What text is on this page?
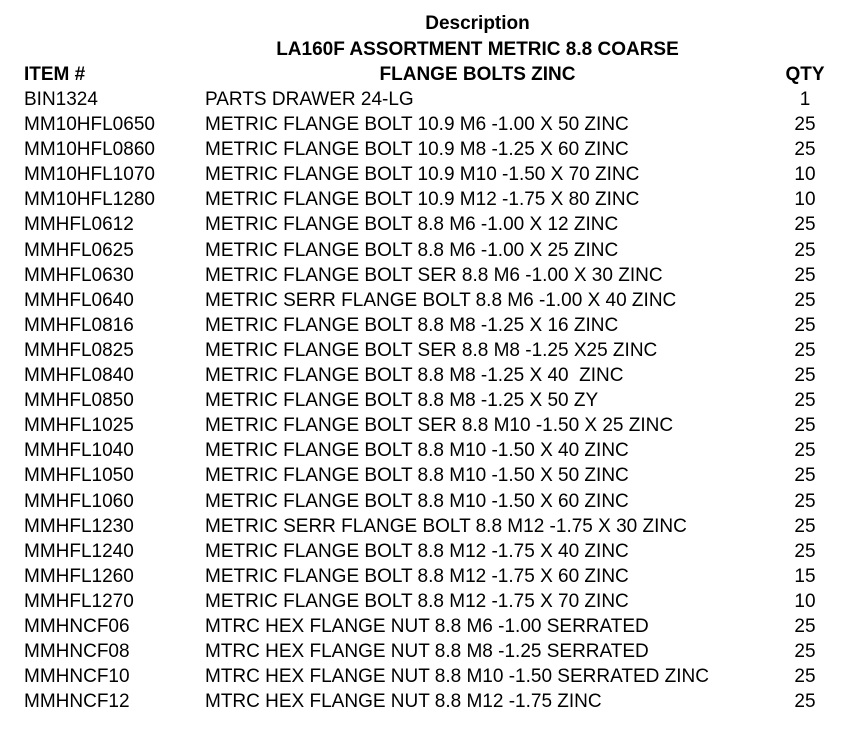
Description
LA160F ASSORTMENT METRIC 8.8 COARSE
FLANGE BOLTS ZINC
ITEM #	QTY
BIN1324	PARTS DRAWER 24-LG	1
MM10HFL0650	METRIC FLANGE BOLT 10.9 M6 -1.00 X 50 ZINC	25
MM10HFL0860	METRIC FLANGE BOLT 10.9 M8 -1.25 X 60 ZINC	25
MM10HFL1070	METRIC FLANGE BOLT 10.9 M10 -1.50 X 70 ZINC	10
MM10HFL1280	METRIC FLANGE BOLT 10.9 M12 -1.75 X 80 ZINC	10
MMHFL0612	METRIC FLANGE BOLT 8.8 M6 -1.00 X 12 ZINC	25
MMHFL0625	METRIC FLANGE BOLT 8.8 M6 -1.00 X 25 ZINC	25
MMHFL0630	METRIC FLANGE BOLT SER 8.8 M6 -1.00 X 30 ZINC	25
MMHFL0640	METRIC SERR FLANGE BOLT 8.8 M6 -1.00 X 40 ZINC	25
MMHFL0816	METRIC FLANGE BOLT 8.8 M8 -1.25 X 16 ZINC	25
MMHFL0825	METRIC FLANGE BOLT SER 8.8 M8 -1.25 X25 ZINC	25
MMHFL0840	METRIC FLANGE BOLT 8.8 M8 -1.25 X 40  ZINC	25
MMHFL0850	METRIC FLANGE BOLT 8.8 M8 -1.25 X 50 ZY	25
MMHFL1025	METRIC FLANGE BOLT SER 8.8 M10 -1.50 X 25 ZINC	25
MMHFL1040	METRIC FLANGE BOLT 8.8 M10 -1.50 X 40 ZINC	25
MMHFL1050	METRIC FLANGE BOLT 8.8 M10 -1.50 X 50 ZINC	25
MMHFL1060	METRIC FLANGE BOLT 8.8 M10 -1.50 X 60 ZINC	25
MMHFL1230	METRIC SERR FLANGE BOLT 8.8 M12 -1.75 X 30 ZINC	25
MMHFL1240	METRIC FLANGE BOLT 8.8 M12 -1.75 X 40 ZINC	25
MMHFL1260	METRIC FLANGE BOLT 8.8 M12 -1.75 X 60 ZINC	15
MMHFL1270	METRIC FLANGE BOLT 8.8 M12 -1.75 X 70 ZINC	10
MMHNCF06	MTRC HEX FLANGE NUT 8.8 M6 -1.00 SERRATED	25
MMHNCF08	MTRC HEX FLANGE NUT 8.8 M8 -1.25 SERRATED	25
MMHNCF10	MTRC HEX FLANGE NUT 8.8 M10 -1.50 SERRATED ZINC	25
MMHNCF12	MTRC HEX FLANGE NUT 8.8 M12 -1.75 ZINC	25
